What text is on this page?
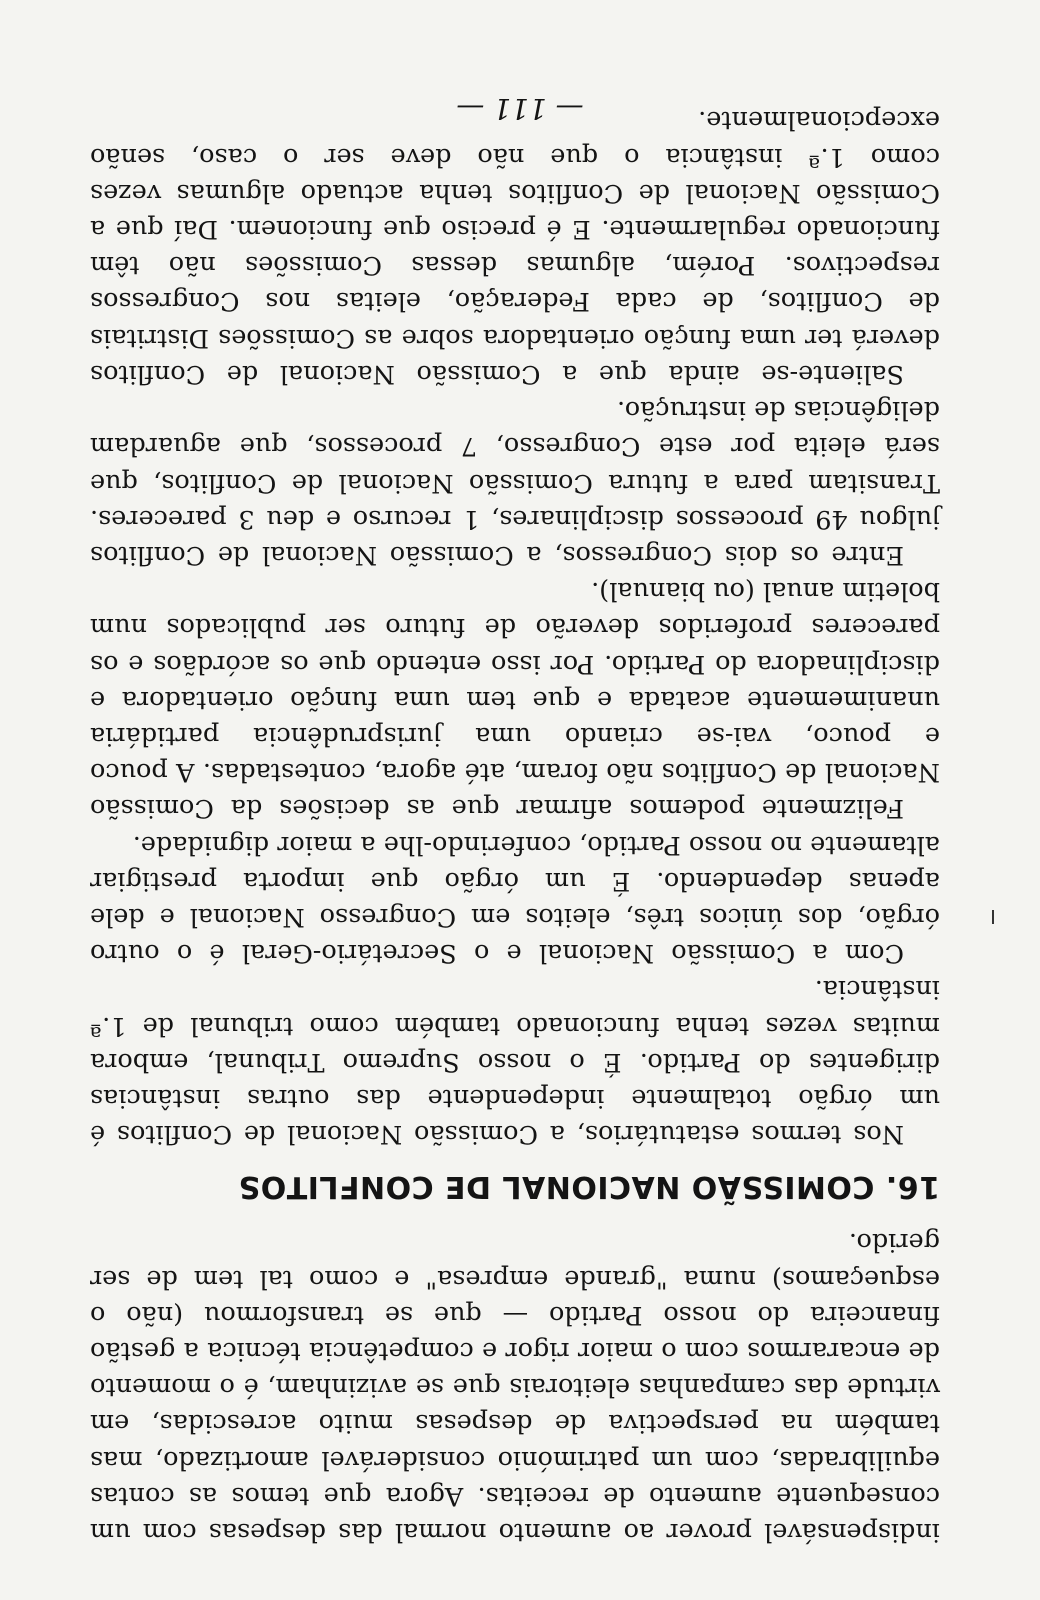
indispensável prover ao aumento normal das despesas com um consequente aumento de receitas. Agora que temos as contas equilibradas, com um património considerável amortizado, mas também na perspectiva de despesas muito acrescidas, em virtude das campanhas eleitorais que se avizinham, é o momento de encararmos com o maior rigor e competência técnica a gestão financeira do nosso Partido — que se transformou (não o esqueçamos) numa "grande empresa" e como tal tem de ser gerido.

16. COMISSÃO NACIONAL DE CONFLITOS

Nos termos estatutários, a Comissão Nacional de Conflitos é um órgão totalmente independente das outras instâncias dirigentes do Partido. É o nosso Supremo Tribunal, embora muitas vezes tenha funcionado também como tribunal de 1.ª instância.

Com a Comissão Nacional e o Secretário-Geral é o outro órgão, dos únicos três, eleitos em Congresso Nacional e dele apenas dependendo. É um órgão que importa prestigiar altamente no nosso Partido, conferindo-lhe a maior dignidade.

Felizmente podemos afirmar que as decisões da Comissão Nacional de Conflitos não foram, até agora, contestadas. A pouco e pouco, vai-se criando uma jurisprudência partidária unanimemente acatada e que tem uma função orientadora e disciplinadora do Partido. Por isso entendo que os acórdãos e os pareceres proferidos deverão de futuro ser publicados num boletim anual (ou bianual).

Entre os dois Congressos, a Comissão Nacional de Conflitos julgou 49 processos disciplinares, 1 recurso e deu 3 pareceres. Transitam para a futura Comissão Nacional de Conflitos, que será eleita por este Congresso, 7 processos, que aguardam deligências de instrução.

Saliente-se ainda que a Comissão Nacional de Conflitos deverá ter uma função orientadora sobre as Comissões Distritais de Conflitos, de cada Federação, eleitas nos Congressos respectivos. Porém, algumas dessas Comissões não têm funcionado regularmente. E é preciso que funcionem. Daí que a Comissão Nacional de Conflitos tenha actuado algumas vezes como 1.ª instância o que não deve ser o caso, senão excepcionalmente.

— 111 —
